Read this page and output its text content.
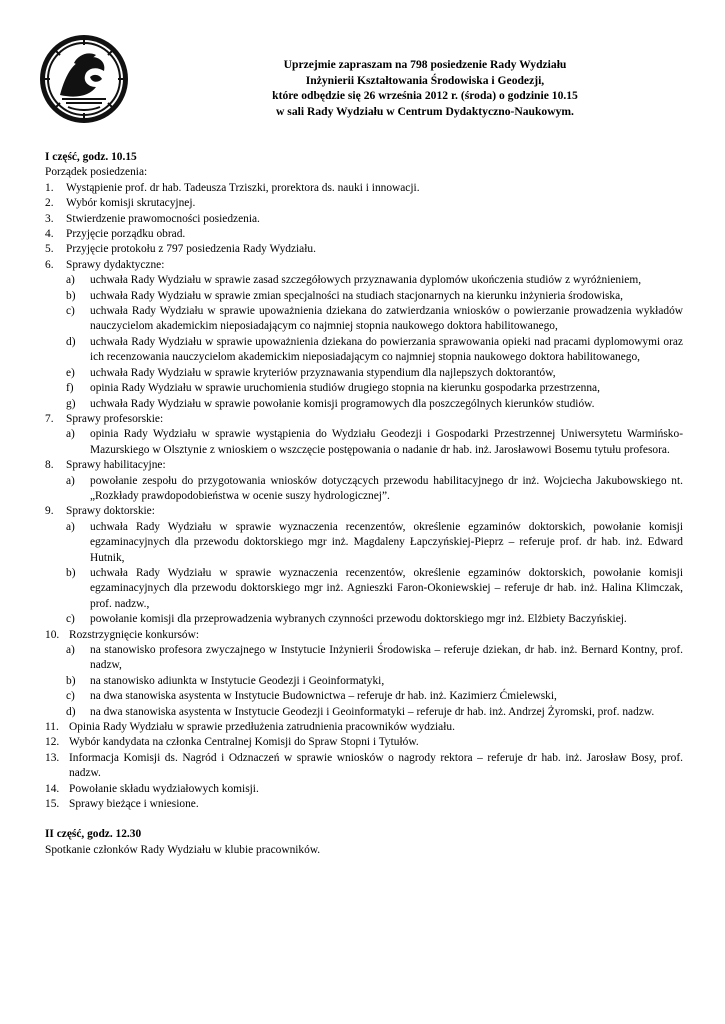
Uprzejmie zapraszam na 798 posiedzenie Rady Wydziału
Inżynierii Kształtowania Środowiska i Geodezji,
które odbędzie się 26 września 2012 r. (środa) o godzinie 10.15
w sali Rady Wydziału w Centrum Dydaktyczno-Naukowym.
I część, godz. 10.15
Porządek posiedzenia:
1.	Wystąpienie prof. dr hab. Tadeusza Trziszki, prorektora ds. nauki i innowacji.
2.	Wybór komisji skrutacyjnej.
3.	Stwierdzenie prawomocności posiedzenia.
4.	Przyjęcie porządku obrad.
5.	Przyjęcie protokołu z 797 posiedzenia Rady Wydziału.
6.	Sprawy dydaktyczne:
a)	uchwała Rady Wydziału w sprawie zasad szczegółowych przyznawania dyplomów ukończenia studiów z wyróżnieniem,
b)	uchwała Rady Wydziału w sprawie zmian specjalności na studiach stacjonarnych na kierunku inżynieria środowiska,
c)	uchwała Rady Wydziału w sprawie upoważnienia dziekana do zatwierdzania wniosków o powierzanie prowadzenia wykładów nauczycielom akademickim nieposiadającym co najmniej stopnia naukowego doktora habilitowanego,
d)	uchwała Rady Wydziału w sprawie upoważnienia dziekana do powierzania sprawowania opieki nad pracami dyplomowymi oraz ich recenzowania nauczycielom akademickim nieposiadającym co najmniej stopnia naukowego doktora habilitowanego,
e)	uchwała Rady Wydziału w sprawie kryteriów przyznawania stypendium dla najlepszych doktorantów,
f)	opinia Rady Wydziału w sprawie uruchomienia studiów drugiego stopnia na kierunku gospodarka przestrzenna,
g)	uchwała Rady Wydziału w sprawie powołanie komisji programowych dla poszczególnych kierunków studiów.
7.	Sprawy profesorskie:
a)	opinia Rady Wydziału w sprawie wystąpienia do Wydziału Geodezji i Gospodarki Przestrzennej Uniwersytetu Warmińsko-Mazurskiego w Olsztynie z wnioskiem o wszczęcie postępowania o nadanie dr hab. inż. Jarosławowi Bosemu tytułu profesora.
8.	Sprawy habilitacyjne:
a)	powołanie zespołu do przygotowania wniosków dotyczących przewodu habilitacyjnego dr inż. Wojciecha Jakubowskiego nt. „Rozkłady prawdopodobieństwa w ocenie suszy hydrologicznej”.
9.	Sprawy doktorskie:
a)	uchwała Rady Wydziału w sprawie wyznaczenia recenzentów, określenie egzaminów doktorskich, powołanie komisji egzaminacyjnych dla przewodu doktorskiego mgr inż. Magdaleny Łapczyńskiej-Pieprz – referuje prof. dr hab. inż. Edward Hutnik,
b)	uchwała Rady Wydziału w sprawie wyznaczenia recenzentów, określenie egzaminów doktorskich, powołanie komisji egzaminacyjnych dla przewodu doktorskiego mgr inż. Agnieszki Faron-Okoniewskiej – referuje dr hab. inż. Halina Klimczak, prof. nadzw.,
c)	powołanie komisji dla przeprowadzenia wybranych czynności przewodu doktorskiego mgr inż. Elżbiety Baczyńskiej.
10. Rozstrzygnięcie konkursów:
a)	na stanowisko profesora zwyczajnego w Instytucie Inżynierii Środowiska – referuje dziekan, dr hab. inż. Bernard Kontny, prof. nadzw,
b)	na stanowisko adiunkta w Instytucie Geodezji i Geoinformatyki,
c)	na dwa stanowiska asystenta w Instytucie Budownictwa – referuje dr hab. inż. Kazimierz Ćmielewski,
d)	na dwa stanowiska asystenta w Instytucie Geodezji i Geoinformatyki – referuje dr hab. inż. Andrzej Żyromski, prof. nadzw.
11. Opinia Rady Wydziału w sprawie przedłużenia zatrudnienia pracowników wydziału.
12. Wybór kandydata na członka Centralnej Komisji do Spraw Stopni i Tytułów.
13. Informacja Komisji ds. Nagród i Odznaczeń w sprawie wniosków o nagrody rektora – referuje dr hab. inż. Jarosław Bosy, prof. nadzw.
14. Powołanie składu wydziałowych komisji.
15. Sprawy bieżące i wniesione.
II część, godz. 12.30
Spotkanie członków Rady Wydziału w klubie pracowników.
